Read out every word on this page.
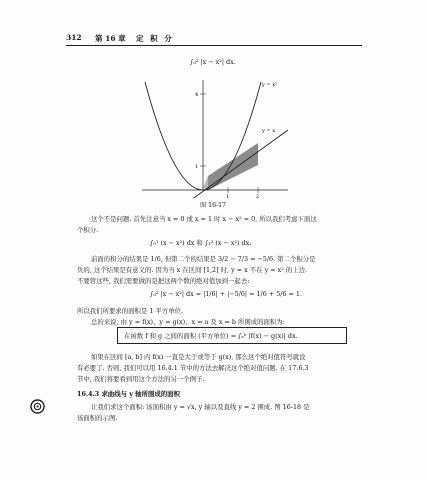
312 第 16 章 定 积 分
∫₀² |x − x²| dx.
y = x²
y = x
4
1
1	2
图 16-17
这个不是问题. 首先注意当 x = 0 或 x = 1 时 x − x² = 0, 所以我们考虑下面这
个积分.
∫₀¹ (x − x²) dx 和 ∫₁² (x − x²) dx.
前面的积分的结果是 1/6, 但第二个的结果是 3/2 − 7/3 = −5/6. 第二个积分是
负的, 这个结果是有意义的. 因为当 x 在区间 [1,2] 时, y = x 不在 y = x² 的上边.
不要管这些, 我们需要做的是把这两个数的绝对值加到一起去:
∫₀² |x − x²| dx = |1/6| + |−5/6| = 1/6 + 5/6 = 1.
所以我们所要求的面积是 1 平方单位.
总的来说, 由 y = f(x)、y = g(x)、x = a 及 x = b 所围成的面积为:
在函数 f 和 g 之间的面积 (平方单位) = ∫ₐᵇ |f(x) − g(x)| dx.
如果在区间 [a, b] 内 f(x) 一直是大于或等于 g(x), 那么这个绝对值符号就没
有必要了. 否则, 我们可以用 16.4.1 节中的方法去解决这个绝对值问题. 在 17.6.3
节中, 我们将要看到用这个方法的另一个例子.
16.4.3 求曲线与 y 轴所围成的面积
让我们求这个面积: 该面积由 y = √x, y 轴以及直线 y = 2 围成. 图 16-18 是
该面积的示图.
